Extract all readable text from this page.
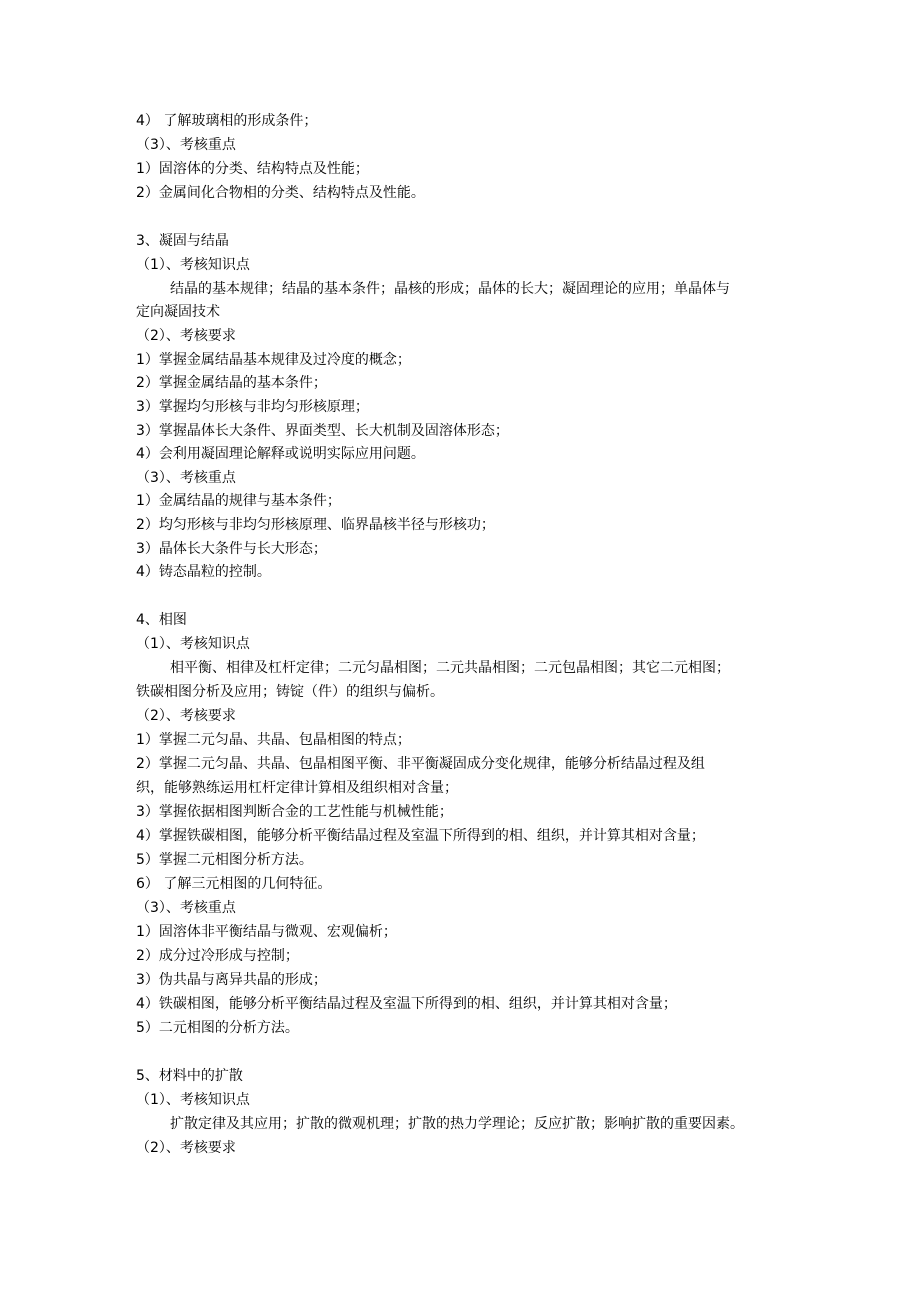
4） 了解玻璃相的形成条件；
（3）、考核重点
1）固溶体的分类、结构特点及性能；
2）金属间化合物相的分类、结构特点及性能。
3、凝固与结晶
（1）、考核知识点
结晶的基本规律；结晶的基本条件；晶核的形成；晶体的长大；凝固理论的应用；单晶体与
定向凝固技术
（2）、考核要求
1）掌握金属结晶基本规律及过冷度的概念；
2）掌握金属结晶的基本条件；
3）掌握均匀形核与非均匀形核原理；
3）掌握晶体长大条件、界面类型、长大机制及固溶体形态；
4）会利用凝固理论解释或说明实际应用问题。
（3）、考核重点
1）金属结晶的规律与基本条件；
2）均匀形核与非均匀形核原理、临界晶核半径与形核功；
3）晶体长大条件与长大形态；
4）铸态晶粒的控制。
4、相图
（1）、考核知识点
相平衡、相律及杠杆定律；二元匀晶相图；二元共晶相图；二元包晶相图；其它二元相图；
铁碳相图分析及应用；铸锭（件）的组织与偏析。
（2）、考核要求
1）掌握二元匀晶、共晶、包晶相图的特点；
2）掌握二元匀晶、共晶、包晶相图平衡、非平衡凝固成分变化规律，能够分析结晶过程及组
织，能够熟练运用杠杆定律计算相及组织相对含量；
3）掌握依据相图判断合金的工艺性能与机械性能；
4）掌握铁碳相图，能够分析平衡结晶过程及室温下所得到的相、组织，并计算其相对含量；
5）掌握二元相图分析方法。
6） 了解三元相图的几何特征。
（3）、考核重点
1）固溶体非平衡结晶与微观、宏观偏析；
2）成分过冷形成与控制；
3）伪共晶与离异共晶的形成；
4）铁碳相图，能够分析平衡结晶过程及室温下所得到的相、组织，并计算其相对含量；
5）二元相图的分析方法。
5、材料中的扩散
（1）、考核知识点
扩散定律及其应用；扩散的微观机理；扩散的热力学理论；反应扩散；影响扩散的重要因素。
（2）、考核要求
